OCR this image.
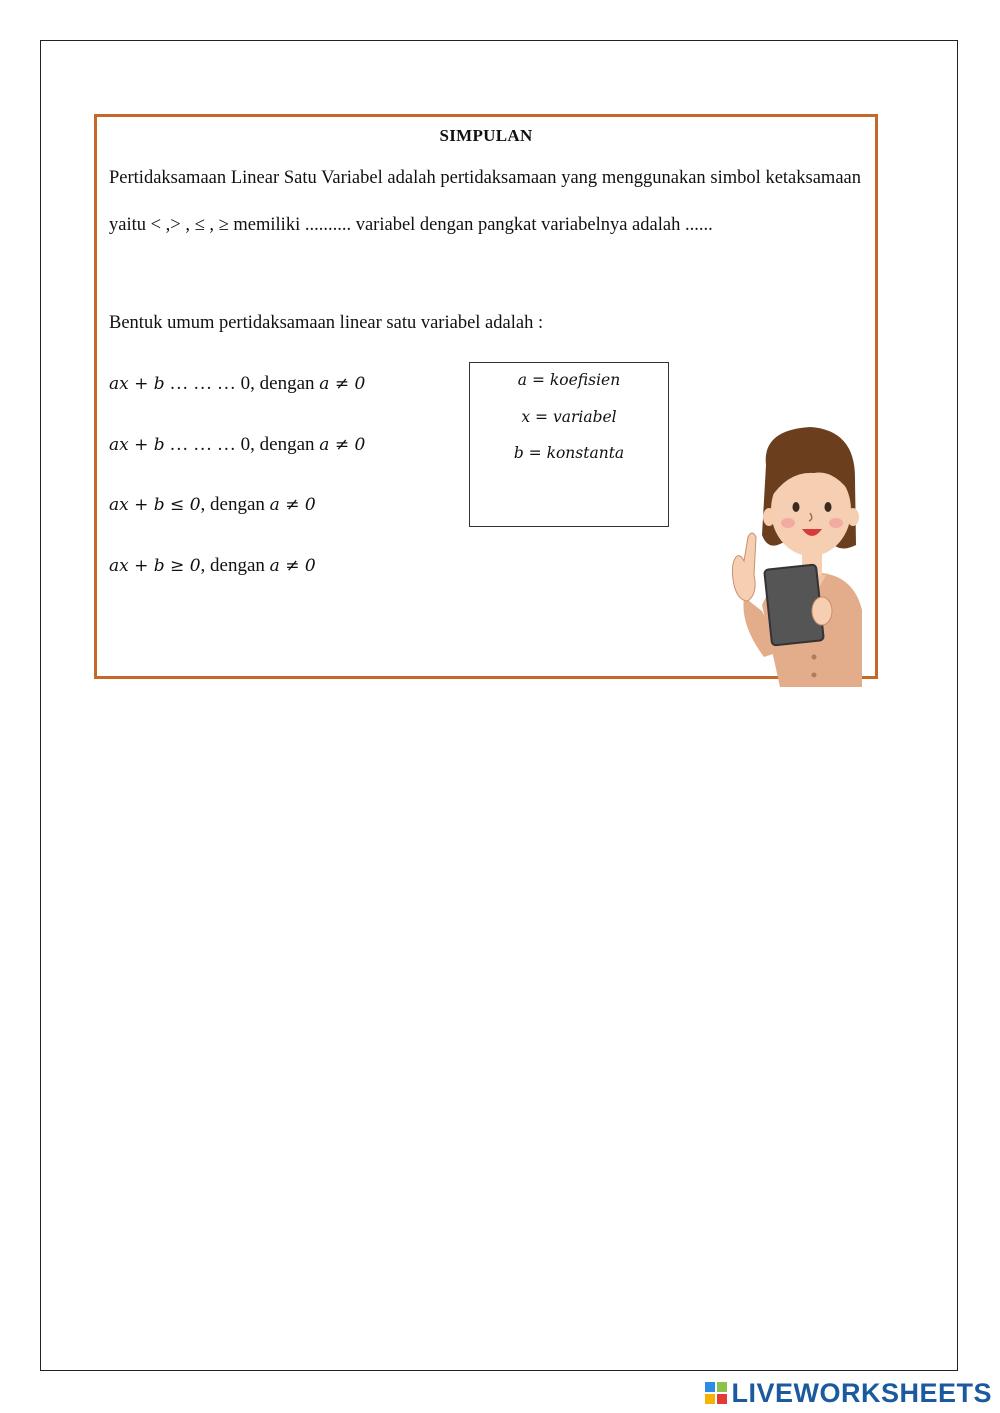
SIMPULAN
Pertidaksamaan Linear Satu Variabel adalah pertidaksamaan yang menggunakan simbol ketaksamaan yaitu < ,> , ≤ , ≥ memiliki .......... variabel dengan pangkat variabelnya adalah ......
Bentuk umum pertidaksamaan linear satu variabel adalah :
ax + b … … … 0, dengan a ≠ 0
ax + b … … … 0, dengan a ≠ 0
ax + b ≤ 0, dengan a ≠ 0
ax + b ≥ 0, dengan a ≠ 0
a = koefisien
x = variabel
b = konstanta
LIVEWORKSHEETS
